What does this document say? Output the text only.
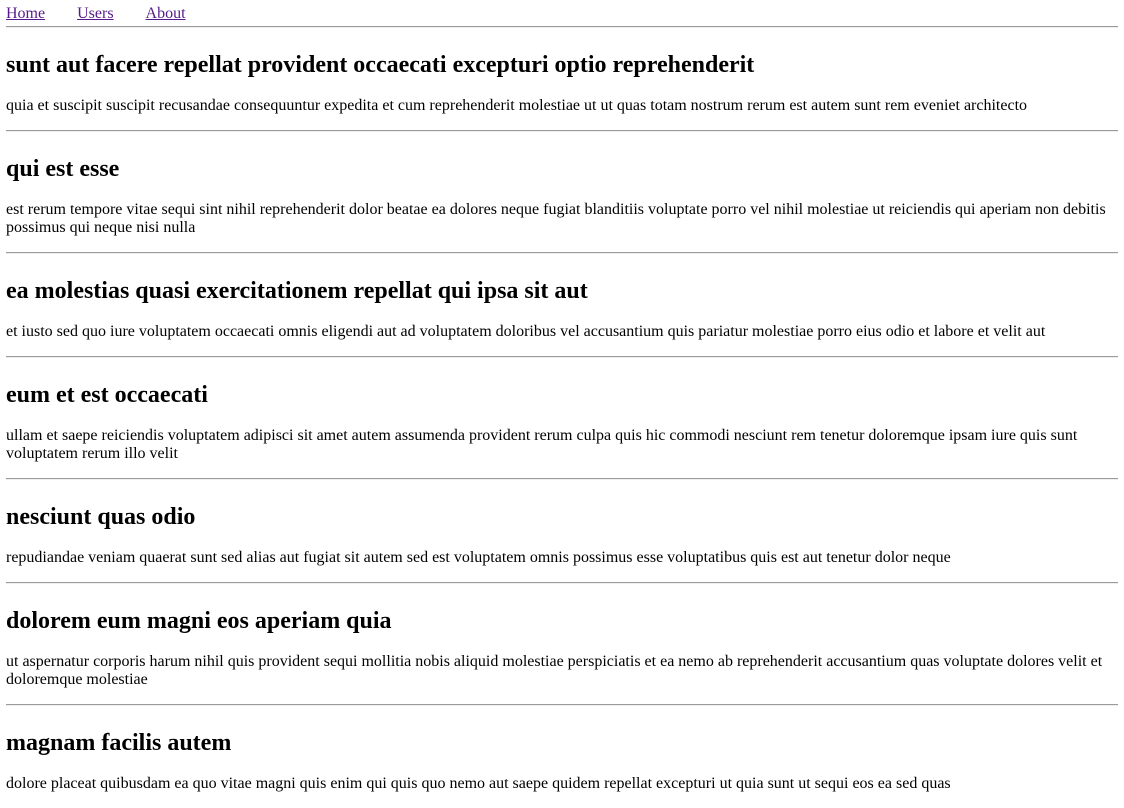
Home Users About
sunt aut facere repellat provident occaecati excepturi optio reprehenderit

quia et suscipit suscipit recusandae consequuntur expedita et cum reprehenderit molestiae ut ut quas totam nostrum rerum est autem sunt rem eveniet architecto

qui est esse

est rerum tempore vitae sequi sint nihil reprehenderit dolor beatae ea dolores neque fugiat blanditiis voluptate porro vel nihil molestiae ut reiciendis qui aperiam non debitis possimus qui neque nisi nulla

ea molestias quasi exercitationem repellat qui ipsa sit aut

et iusto sed quo iure voluptatem occaecati omnis eligendi aut ad voluptatem doloribus vel accusantium quis pariatur molestiae porro eius odio et labore et velit aut

eum et est occaecati

ullam et saepe reiciendis voluptatem adipisci sit amet autem assumenda provident rerum culpa quis hic commodi nesciunt rem tenetur doloremque ipsam iure quis sunt voluptatem rerum illo velit

nesciunt quas odio

repudiandae veniam quaerat sunt sed alias aut fugiat sit autem sed est voluptatem omnis possimus esse voluptatibus quis est aut tenetur dolor neque

dolorem eum magni eos aperiam quia

ut aspernatur corporis harum nihil quis provident sequi mollitia nobis aliquid molestiae perspiciatis et ea nemo ab reprehenderit accusantium quas voluptate dolores velit et doloremque molestiae

magnam facilis autem

dolore placeat quibusdam ea quo vitae magni quis enim qui quis quo nemo aut saepe quidem repellat excepturi ut quia sunt ut sequi eos ea sed quas
